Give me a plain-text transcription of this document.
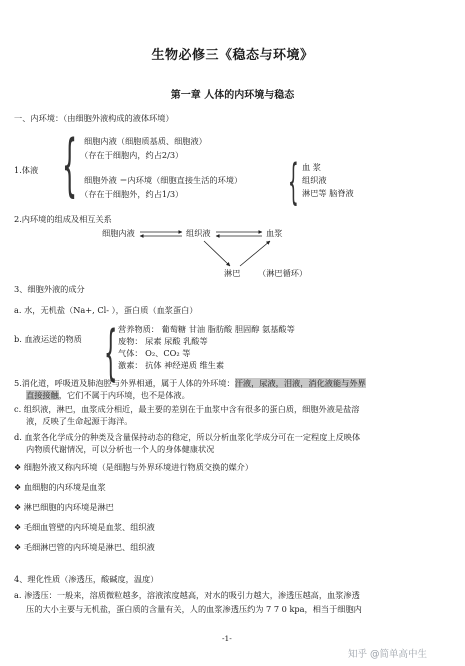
生物必修三《稳态与环境》
第一章 人体的内环境与稳态
一、内环境：（由细胞外液构成的液体环境）
1.体液 { 细胞内液（细胞质基质、细胞液）
（存在于细胞内，约占2/3）
细胞外液 ＝内环境（细胞直接生活的环境）
（存在于细胞外，约占1/3） { 血 浆
组织液
淋巴等 脑脊液
2.内环境的组成及相互关系
细胞内液	组织液	血浆
淋巴 （淋巴循环）
3、细胞外液的成分
a. 水，无机盐（Na+, Cl- ），蛋白质（血浆蛋白）
b. 血液运送的物质 { 营养物质： 葡萄糖 甘油 脂肪酸 胆固醇 氨基酸等
废物： 尿素 尿酸 乳酸等
气体： O₂、CO₂ 等
激素： 抗体 神经递质 维生素
5.消化道，呼吸道及肺泡腔与外界相通，属于人体的外环境：汗液，尿液，泪液，消化液能与外界
直接接触，它们不属于内环境，也不是体液。
c. 组织液，淋巴，血浆成分相近，最主要的差别在于血浆中含有很多的蛋白质，细胞外液是盐溶
液，反映了生命起源于海洋。
d. 血浆各化学成分的种类及含量保持动态的稳定，所以分析血浆化学成分可在一定程度上反映体
内物质代谢情况，可以分析也一个人的身体健康状况
❖ 细胞外液又称内环境（是细胞与外界环境进行物质交换的媒介）
❖ 血细胞的内环境是血浆
❖ 淋巴细胞的内环境是淋巴
❖ 毛细血管壁的内环境是血浆、组织液
❖ 毛细淋巴管的内环境是淋巴、组织液
4、理化性质（渗透压，酸碱度，温度）
a. 渗透压：一般来，溶质微粒越多，溶液浓度越高，对水的吸引力越大，渗透压越高，血浆渗透
压的大小主要与无机盐，蛋白质的含量有关，人的血浆渗透压约为 7 7 0 kpa，相当于细胞内
-1-
知乎 @简单高中生
